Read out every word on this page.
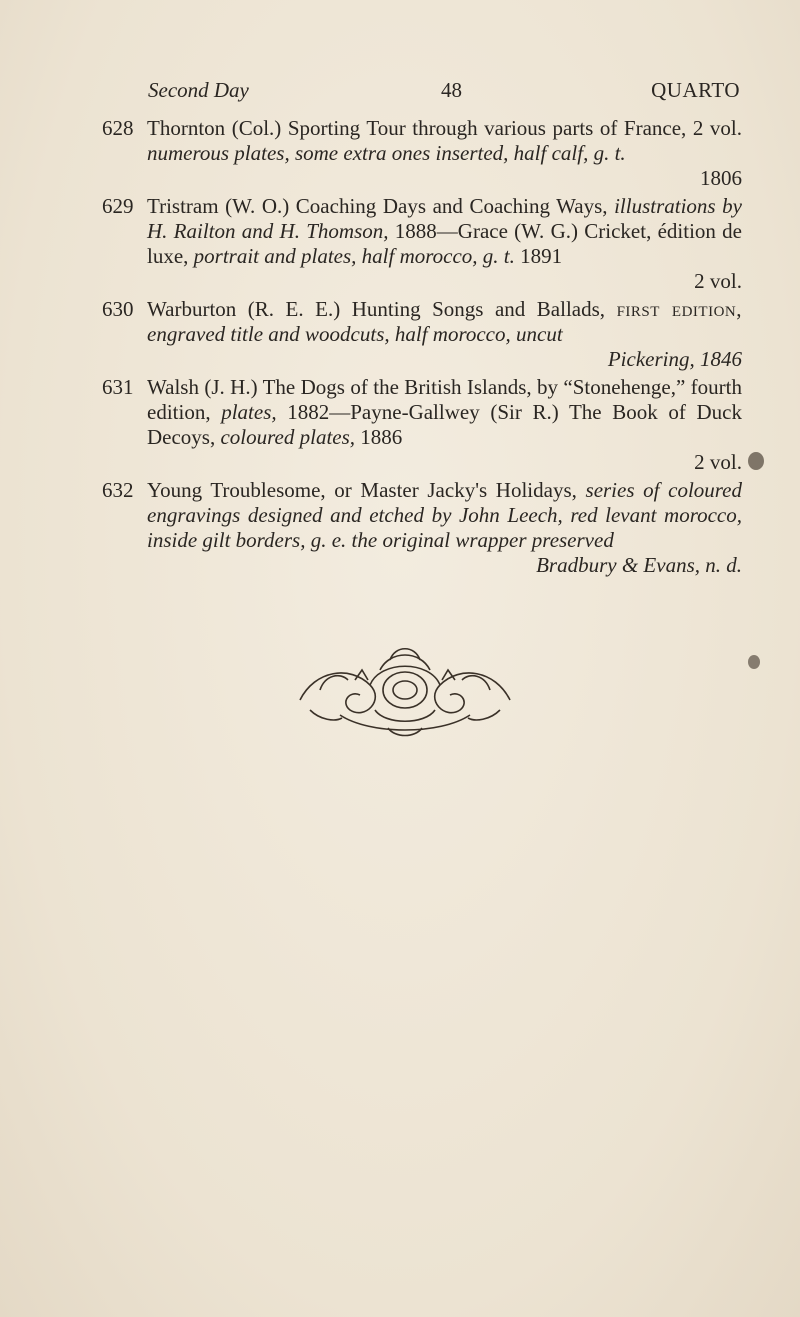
Second Day	48	QUARTO
628 Thornton (Col.) Sporting Tour through various parts of France, 2 vol. numerous plates, some extra ones inserted, half calf, g. t.
1806
629 Tristram (W. O.) Coaching Days and Coaching Ways, illustrations by H. Railton and H. Thomson, 1888—Grace (W. G.) Cricket, édition de luxe, portrait and plates, half morocco, g. t. 1891
2 vol.
630 Warburton (R. E. E.) Hunting Songs and Ballads, first edition, engraved title and woodcuts, half morocco, uncut
Pickering, 1846
631 Walsh (J. H.) The Dogs of the British Islands, by “Stonehenge,” fourth edition, plates, 1882—Payne-Gallwey (Sir R.) The Book of Duck Decoys, coloured plates, 1886
2 vol.
632 Young Troublesome, or Master Jacky's Holidays, series of coloured engravings designed and etched by John Leech, red levant morocco, inside gilt borders, g. e. the original wrapper preserved
Bradbury & Evans, n. d.
